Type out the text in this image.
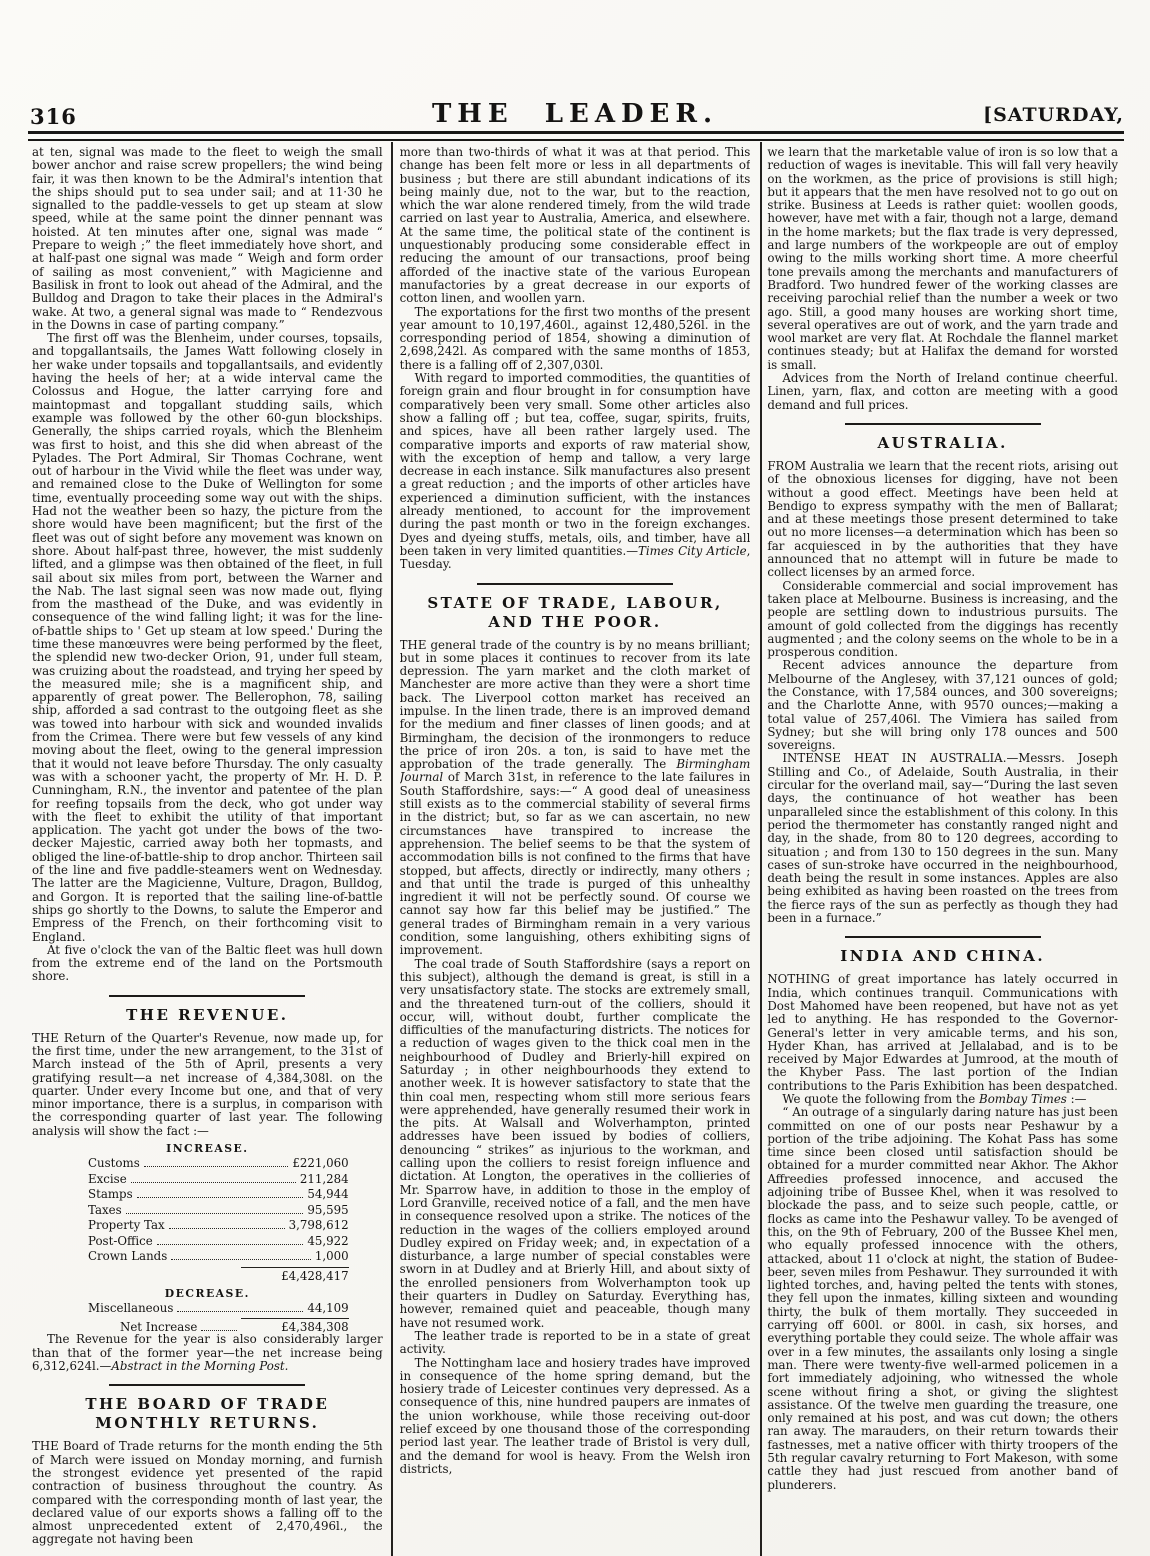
316	THE LEADER.	[SATURDAY,

at ten, signal was made to the fleet to weigh the small bower anchor and raise screw propellers; the wind being fair, it was then known to be the Admiral's intention that the ships should put to sea under sail; and at 11·30 he signalled to the paddle-vessels to get up steam at slow speed, while at the same point the dinner pennant was hoisted. At ten minutes after one, signal was made “ Prepare to weigh ;” the fleet immediately hove short, and at half-past one signal was made “ Weigh and form order of sailing as most convenient,” with Magicienne and Basilisk in front to look out ahead of the Admiral, and the Bulldog and Dragon to take their places in the Admiral's wake. At two, a general signal was made to “ Rendezvous in the Downs in case of parting company.”

The first off was the Blenheim, under courses, topsails, and topgallantsails, the James Watt following closely in her wake under topsails and topgallantsails, and evidently having the heels of her; at a wide interval came the Colossus and Hogue, the latter carrying fore and maintopmast and topgallant studding sails, which example was followed by the other 60-gun blockships. Generally, the ships carried royals, which the Blenheim was first to hoist, and this she did when abreast of the Pylades. The Port Admiral, Sir Thomas Cochrane, went out of harbour in the Vivid while the fleet was under way, and remained close to the Duke of Wellington for some time, eventually proceeding some way out with the ships. Had not the weather been so hazy, the picture from the shore would have been magnificent; but the first of the fleet was out of sight before any movement was known on shore. About half-past three, however, the mist suddenly lifted, and a glimpse was then obtained of the fleet, in full sail about six miles from port, between the Warner and the Nab. The last signal seen was now made out, flying from the masthead of the Duke, and was evidently in consequence of the wind falling light; it was for the line-of-battle ships to ' Get up steam at low speed.' During the time these manœuvres were being performed by the fleet, the splendid new two-decker Orion, 91, under full steam, was cruizing about the roadstead, and trying her speed by the measured mile; she is a magnificent ship, and apparently of great power. The Bellerophon, 78, sailing ship, afforded a sad contrast to the outgoing fleet as she was towed into harbour with sick and wounded invalids from the Crimea. There were but few vessels of any kind moving about the fleet, owing to the general impression that it would not leave before Thursday. The only casualty was with a schooner yacht, the property of Mr. H. D. P. Cunningham, R.N., the inventor and patentee of the plan for reefing topsails from the deck, who got under way with the fleet to exhibit the utility of that important application. The yacht got under the bows of the two-decker Majestic, carried away both her topmasts, and obliged the line-of-battle-ship to drop anchor. Thirteen sail of the line and five paddle-steamers went on Wednesday. The latter are the Magicienne, Vulture, Dragon, Bulldog, and Gorgon. It is reported that the sailing line-of-battle ships go shortly to the Downs, to salute the Emperor and Empress of the French, on their forthcoming visit to England.

At five o'clock the van of the Baltic fleet was hull down from the extreme end of the land on the Portsmouth shore.

THE REVENUE.

THE Return of the Quarter's Revenue, now made up, for the first time, under the new arrangement, to the 31st of March instead of the 5th of April, presents a very gratifying result—a net increase of 4,384,308l. on the quarter. Under every Income but one, and that of very minor importance, there is a surplus, in comparison with the corresponding quarter of last year. The following analysis will show the fact :—

INCREASE.
Customs	£221,060
Excise	211,284
Stamps	54,944
Taxes	95,595
Property Tax	3,798,612
Post-Office	45,922
Crown Lands	1,000
£4,428,417
DECREASE.
Miscellaneous	44,109
Net Increase	£4,384,308

The Revenue for the year is also considerably larger than that of the former year—the net increase being 6,312,624l.—Abstract in the Morning Post.

THE BOARD OF TRADE MONTHLY RETURNS.

THE Board of Trade returns for the month ending the 5th of March were issued on Monday morning, and furnish the strongest evidence yet presented of the rapid contraction of business throughout the country. As compared with the corresponding month of last year, the declared value of our exports shows a falling off to the almost unprecedented extent of 2,470,496l., the aggregate not having been

more than two-thirds of what it was at that period. This change has been felt more or less in all departments of business ; but there are still abundant indications of its being mainly due, not to the war, but to the reaction, which the war alone rendered timely, from the wild trade carried on last year to Australia, America, and elsewhere. At the same time, the political state of the continent is unquestionably producing some considerable effect in reducing the amount of our transactions, proof being afforded of the inactive state of the various European manufactories by a great decrease in our exports of cotton linen, and woollen yarn.

The exportations for the first two months of the present year amount to 10,197,460l., against 12,480,526l. in the corresponding period of 1854, showing a diminution of 2,698,242l. As compared with the same months of 1853, there is a falling off of 2,307,030l.

With regard to imported commodities, the quantities of foreign grain and flour brought in for consumption have comparatively been very small. Some other articles also show a falling off ; but tea, coffee, sugar, spirits, fruits, and spices, have all been rather largely used. The comparative imports and exports of raw material show, with the exception of hemp and tallow, a very large decrease in each instance. Silk manufactures also present a great reduction ; and the imports of other articles have experienced a diminution sufficient, with the instances already mentioned, to account for the improvement during the past month or two in the foreign exchanges. Dyes and dyeing stuffs, metals, oils, and timber, have all been taken in very limited quantities.—Times City Article, Tuesday.

STATE OF TRADE, LABOUR, AND THE POOR.

THE general trade of the country is by no means brilliant; but in some places it continues to recover from its late depression. The yarn market and the cloth market of Manchester are more active than they were a short time back. The Liverpool cotton market has received an impulse. In the linen trade, there is an improved demand for the medium and finer classes of linen goods; and at Birmingham, the decision of the ironmongers to reduce the price of iron 20s. a ton, is said to have met the approbation of the trade generally. The Birmingham Journal of March 31st, in reference to the late failures in South Staffordshire, says:—“ A good deal of uneasiness still exists as to the commercial stability of several firms in the district; but, so far as we can ascertain, no new circumstances have transpired to increase the apprehension. The belief seems to be that the system of accommodation bills is not confined to the firms that have stopped, but affects, directly or indirectly, many others ; and that until the trade is purged of this unhealthy ingredient it will not be perfectly sound. Of course we cannot say how far this belief may be justified.” The general trades of Birmingham remain in a very various condition, some languishing, others exhibiting signs of improvement.

The coal trade of South Staffordshire (says a report on this subject), although the demand is great, is still in a very unsatisfactory state. The stocks are extremely small, and the threatened turn-out of the colliers, should it occur, will, without doubt, further complicate the difficulties of the manufacturing districts. The notices for a reduction of wages given to the thick coal men in the neighbourhood of Dudley and Brierly-hill expired on Saturday ; in other neighbourhoods they extend to another week. It is however satisfactory to state that the thin coal men, respecting whom still more serious fears were apprehended, have generally resumed their work in the pits. At Walsall and Wolverhampton, printed addresses have been issued by bodies of colliers, denouncing “ strikes” as injurious to the workman, and calling upon the colliers to resist foreign influence and dictation. At Longton, the operatives in the collieries of Mr. Sparrow have, in addition to those in the employ of Lord Granville, received notice of a fall, and the men have in consequence resolved upon a strike. The notices of the reduction in the wages of the colliers employed around Dudley expired on Friday week; and, in expectation of a disturbance, a large number of special constables were sworn in at Dudley and at Brierly Hill, and about sixty of the enrolled pensioners from Wolverhampton took up their quarters in Dudley on Saturday. Everything has, however, remained quiet and peaceable, though many have not resumed work.

The leather trade is reported to be in a state of great activity.

The Nottingham lace and hosiery trades have improved in consequence of the home spring demand, but the hosiery trade of Leicester continues very depressed. As a consequence of this, nine hundred paupers are inmates of the union workhouse, while those receiving out-door relief exceed by one thousand those of the corresponding period last year. The leather trade of Bristol is very dull, and the demand for wool is heavy. From the Welsh iron districts,

we learn that the marketable value of iron is so low that a reduction of wages is inevitable. This will fall very heavily on the workmen, as the price of provisions is still high; but it appears that the men have resolved not to go out on strike. Business at Leeds is rather quiet: woollen goods, however, have met with a fair, though not a large, demand in the home markets; but the flax trade is very depressed, and large numbers of the workpeople are out of employ owing to the mills working short time. A more cheerful tone prevails among the merchants and manufacturers of Bradford. Two hundred fewer of the working classes are receiving parochial relief than the number a week or two ago. Still, a good many houses are working short time, several operatives are out of work, and the yarn trade and wool market are very flat. At Rochdale the flannel market continues steady; but at Halifax the demand for worsted is small.

Advices from the North of Ireland continue cheerful. Linen, yarn, flax, and cotton are meeting with a good demand and full prices.

AUSTRALIA.

FROM Australia we learn that the recent riots, arising out of the obnoxious licenses for digging, have not been without a good effect. Meetings have been held at Bendigo to express sympathy with the men of Ballarat; and at these meetings those present determined to take out no more licenses—a determination which has been so far acquiesced in by the authorities that they have announced that no attempt will in future be made to collect licenses by an armed force.

Considerable commercial and social improvement has taken place at Melbourne. Business is increasing, and the people are settling down to industrious pursuits. The amount of gold collected from the diggings has recently augmented ; and the colony seems on the whole to be in a prosperous condition.

Recent advices announce the departure from Melbourne of the Anglesey, with 37,121 ounces of gold; the Constance, with 17,584 ounces, and 300 sovereigns; and the Charlotte Anne, with 9570 ounces;—making a total value of 257,406l. The Vimiera has sailed from Sydney; but she will bring only 178 ounces and 500 sovereigns.

INTENSE HEAT IN AUSTRALIA.—Messrs. Joseph Stilling and Co., of Adelaide, South Australia, in their circular for the overland mail, say—“During the last seven days, the continuance of hot weather has been unparalleled since the establishment of this colony. In this period the thermometer has constantly ranged night and day, in the shade, from 80 to 120 degrees, according to situation ; and from 130 to 150 degrees in the sun. Many cases of sun-stroke have occurred in the neighbourhood, death being the result in some instances. Apples are also being exhibited as having been roasted on the trees from the fierce rays of the sun as perfectly as though they had been in a furnace.”

INDIA AND CHINA.

NOTHING of great importance has lately occurred in India, which continues tranquil. Communications with Dost Mahomed have been reopened, but have not as yet led to anything. He has responded to the Governor-General's letter in very amicable terms, and his son, Hyder Khan, has arrived at Jellalabad, and is to be received by Major Edwardes at Jumrood, at the mouth of the Khyber Pass. The last portion of the Indian contributions to the Paris Exhibition has been despatched.

We quote the following from the Bombay Times :—

“ An outrage of a singularly daring nature has just been committed on one of our posts near Peshawur by a portion of the tribe adjoining. The Kohat Pass has some time since been closed until satisfaction should be obtained for a murder committed near Akhor. The Akhor Affreedies professed innocence, and accused the adjoining tribe of Bussee Khel, when it was resolved to blockade the pass, and to seize such people, cattle, or flocks as came into the Peshawur valley. To be avenged of this, on the 9th of February, 200 of the Bussee Khel men, who equally professed innocence with the others, attacked, about 11 o'clock at night, the station of Budee-beer, seven miles from Peshawur. They surrounded it with lighted torches, and, having pelted the tents with stones, they fell upon the inmates, killing sixteen and wounding thirty, the bulk of them mortally. They succeeded in carrying off 600l. or 800l. in cash, six horses, and everything portable they could seize. The whole affair was over in a few minutes, the assailants only losing a single man. There were twenty-five well-armed policemen in a fort immediately adjoining, who witnessed the whole scene without firing a shot, or giving the slightest assistance. Of the twelve men guarding the treasure, one only remained at his post, and was cut down; the others ran away. The marauders, on their return towards their fastnesses, met a native officer with thirty troopers of the 5th regular cavalry returning to Fort Makeson, with some cattle they had just rescued from another band of plunderers.
